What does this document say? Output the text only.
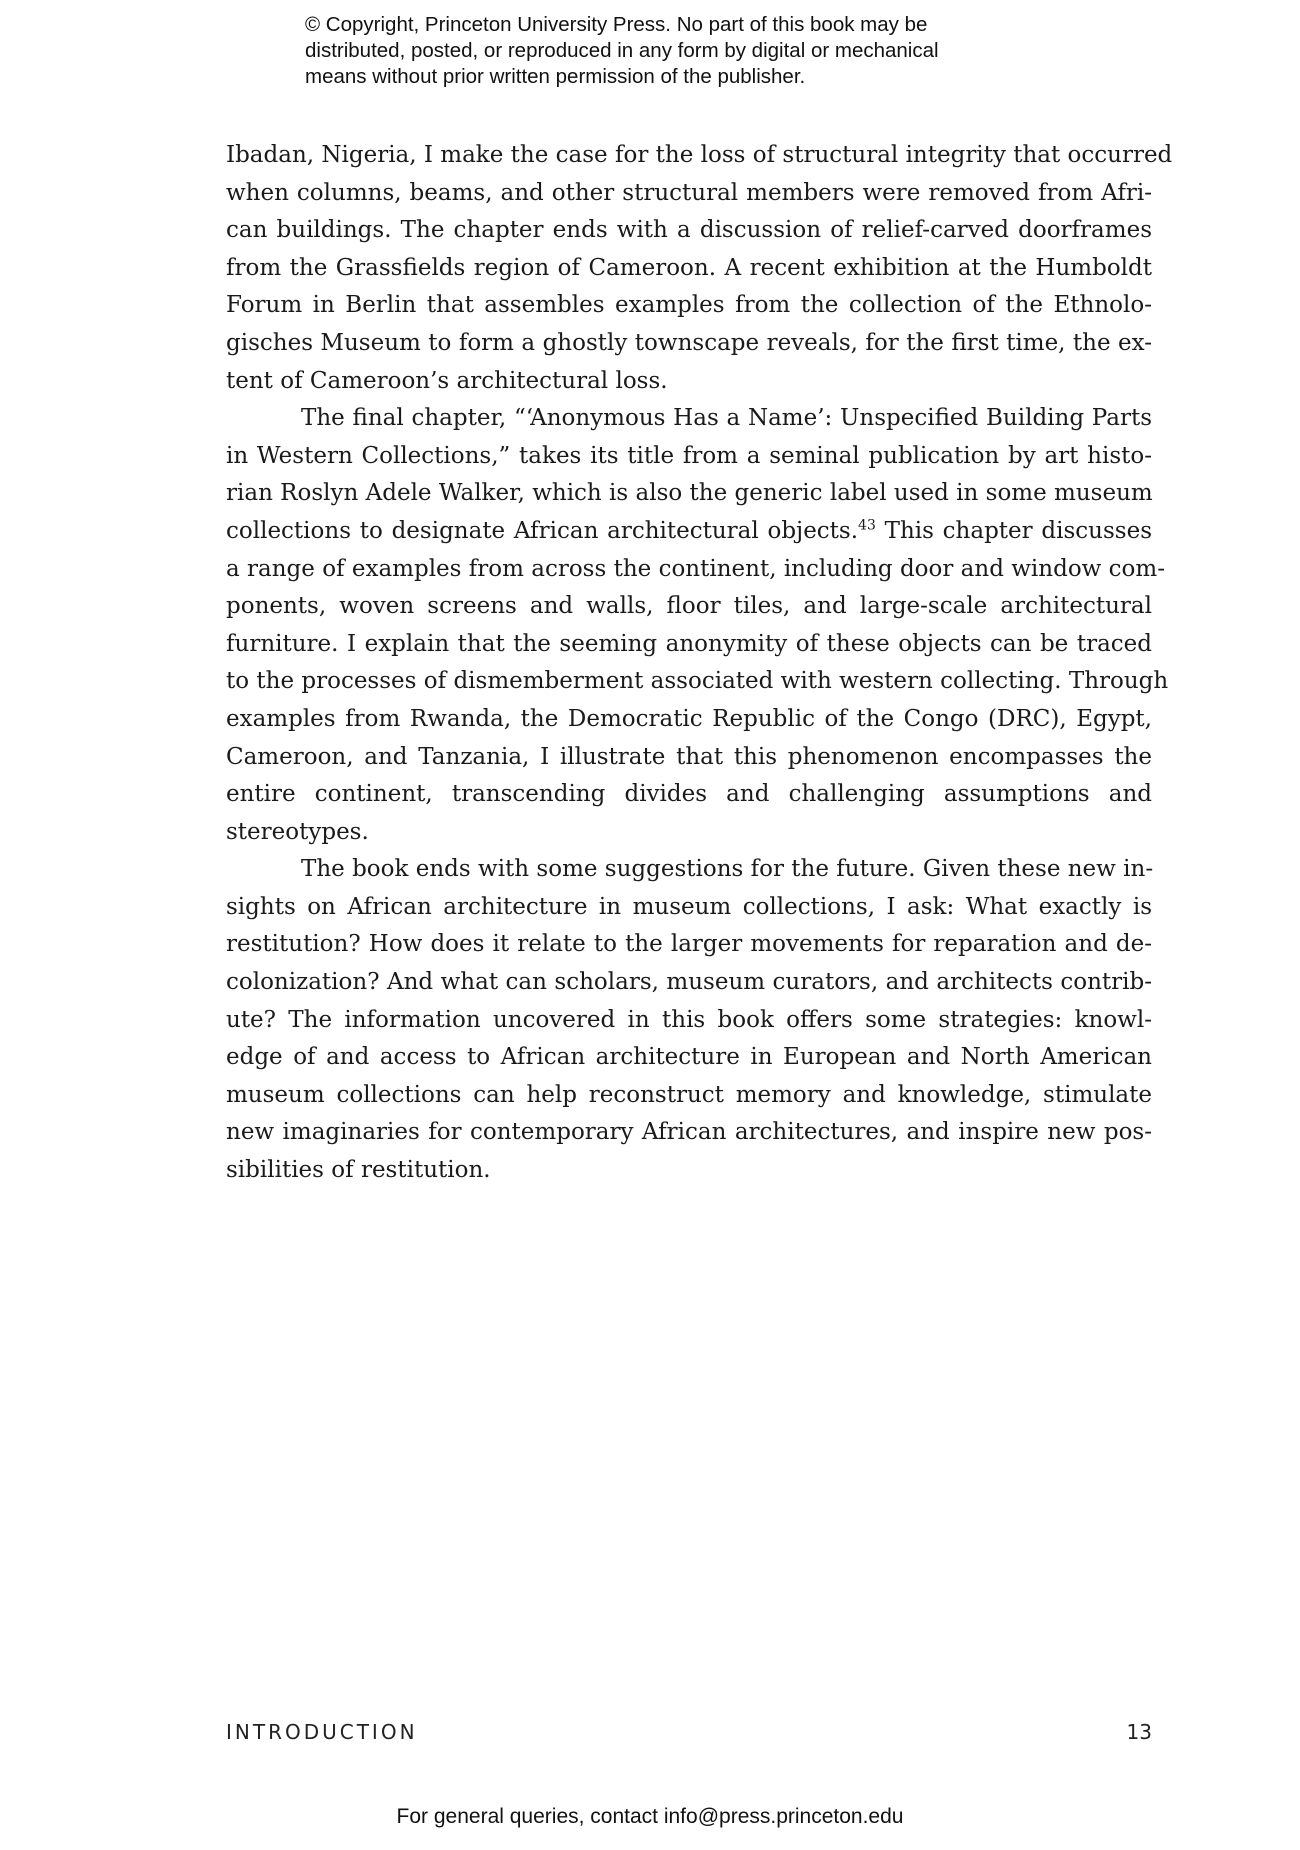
© Copyright, Princeton University Press. No part of this book may be
distributed, posted, or reproduced in any form by digital or mechanical
means without prior written permission of the publisher.
Ibadan, Nigeria, I make the case for the loss of structural integrity that occurred
when columns, beams, and other structural members were removed from Afri-
can buildings. The chapter ends with a discussion of relief-carved doorframes
from the Grassfields region of Cameroon. A recent exhibition at the Humboldt
Forum in Berlin that assembles examples from the collection of the Ethnolo-
gisches Museum to form a ghostly townscape reveals, for the first time, the ex-
tent of Cameroon’s architectural loss.
The final chapter, “‘Anonymous Has a Name’: Unspecified Building Parts
in Western Collections,” takes its title from a seminal publication by art histo-
rian Roslyn Adele Walker, which is also the generic label used in some museum
collections to designate African architectural objects.$^{43}$ This chapter discusses
a range of examples from across the continent, including door and window com-
ponents, woven screens and walls, floor tiles, and large-scale architectural
furniture. I explain that the seeming anonymity of these objects can be traced
to the processes of dismemberment associated with western collecting. Through
examples from Rwanda, the Democratic Republic of the Congo (DRC), Egypt,
Cameroon, and Tanzania, I illustrate that this phenomenon encompasses the
entire continent, transcending divides and challenging assumptions and
stereotypes.
The book ends with some suggestions for the future. Given these new in-
sights on African architecture in museum collections, I ask: What exactly is
restitution? How does it relate to the larger movements for reparation and de-
colonization? And what can scholars, museum curators, and architects contrib-
ute? The information uncovered in this book offers some strategies: knowl-
edge of and access to African architecture in European and North American
museum collections can help reconstruct memory and knowledge, stimulate
new imaginaries for contemporary African architectures, and inspire new pos-
sibilities of restitution.
INTRODUCTION	13
For general queries, contact info@press.princeton.edu
